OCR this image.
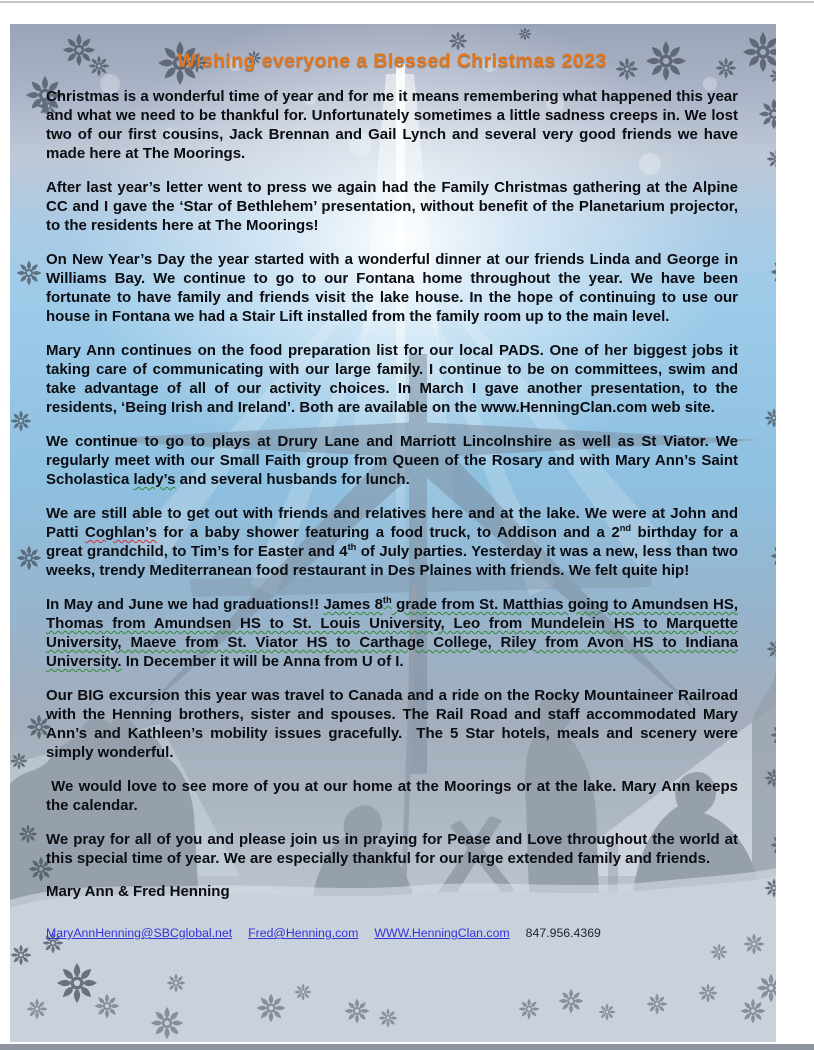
Wishing everyone a Blessed Christmas 2023

Christmas is a wonderful time of year and for me it means remembering what happened this year and what we need to be thankful for. Unfortunately sometimes a little sadness creeps in. We lost two of our first cousins, Jack Brennan and Gail Lynch and several very good friends we have made here at The Moorings.

After last year’s letter went to press we again had the Family Christmas gathering at the Alpine CC and I gave the ‘Star of Bethlehem’ presentation, without benefit of the Planetarium projector, to the residents here at The Moorings!

On New Year’s Day the year started with a wonderful dinner at our friends Linda and George in Williams Bay. We continue to go to our Fontana home throughout the year. We have been fortunate to have family and friends visit the lake house. In the hope of continuing to use our house in Fontana we had a Stair Lift installed from the family room up to the main level.

Mary Ann continues on the food preparation list for our local PADS. One of her biggest jobs it taking care of communicating with our large family. I continue to be on committees, swim and take advantage of all of our activity choices. In March I gave another presentation, to the residents, ‘Being Irish and Ireland’. Both are available on the www.HenningClan.com web site.

We continue to go to plays at Drury Lane and Marriott Lincolnshire as well as St Viator. We regularly meet with our Small Faith group from Queen of the Rosary and with Mary Ann’s Saint Scholastica lady’s and several husbands for lunch.

We are still able to get out with friends and relatives here and at the lake. We were at John and Patti Coghlan’s for a baby shower featuring a food truck, to Addison and a 2nd birthday for a great grandchild, to Tim’s for Easter and 4th of July parties. Yesterday it was a new, less than two weeks, trendy Mediterranean food restaurant in Des Plaines with friends. We felt quite hip!

In May and June we had graduations!! James 8th grade from St. Matthias going to Amundsen HS, Thomas from Amundsen HS to St. Louis University, Leo from Mundelein HS to Marquette University, Maeve from St. Viator HS to Carthage College, Riley from Avon HS to Indiana University. In December it will be Anna from U of I.

Our BIG excursion this year was travel to Canada and a ride on the Rocky Mountaineer Railroad with the Henning brothers, sister and spouses. The Rail Road and staff accommodated Mary Ann’s and Kathleen’s mobility issues gracefully.  The 5 Star hotels, meals and scenery were simply wonderful.

We would love to see more of you at our home at the Moorings or at the lake. Mary Ann keeps the calendar.

We pray for all of you and please join us in praying for Pease and Love throughout the world at this special time of year. We are especially thankful for our large extended family and friends.

Mary Ann & Fred Henning

MaryAnnHenning@SBCglobal.net Fred@Henning.com WWW.HenningClan.com 847.956.4369
